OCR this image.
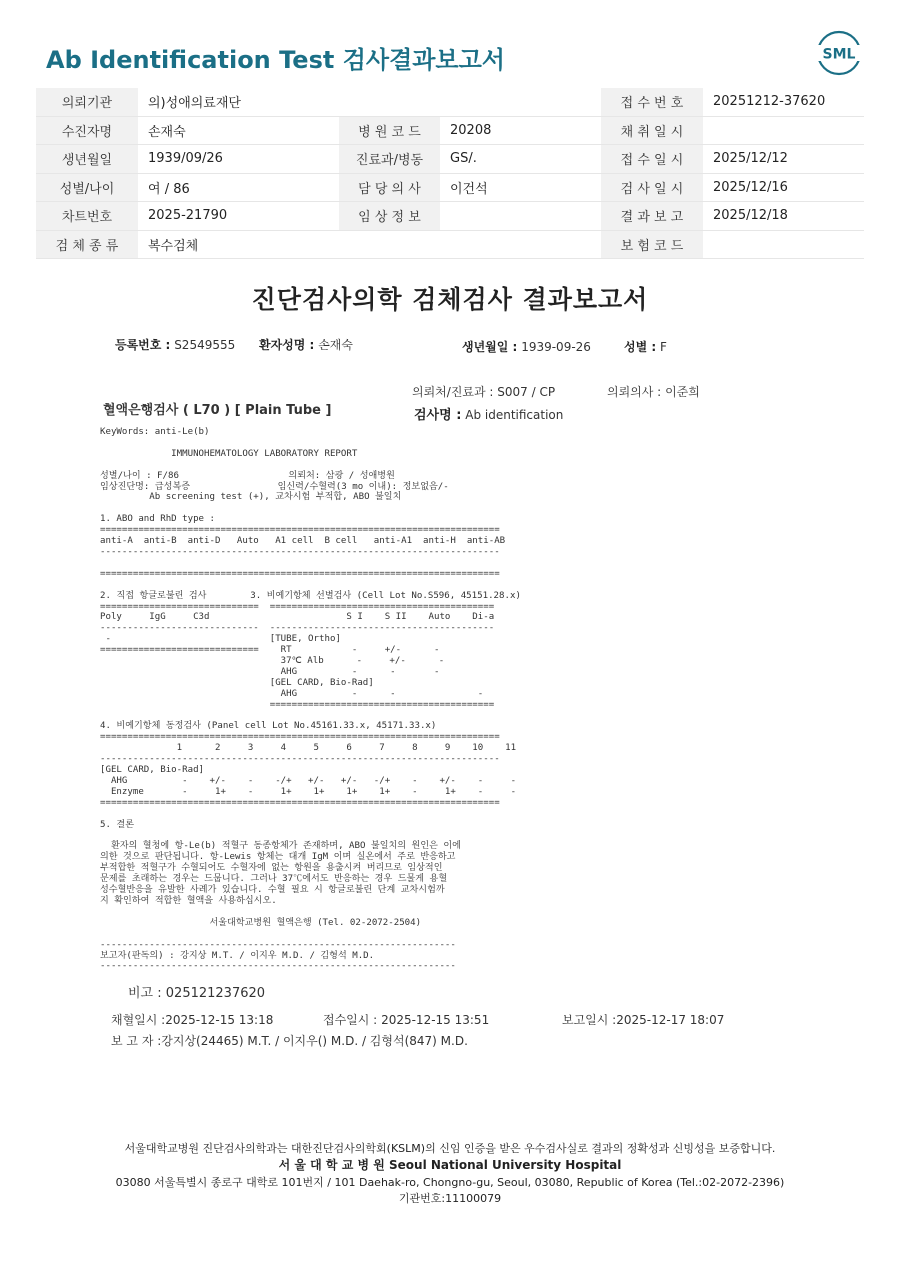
Ab Identification Test 검사결과보고서	SML
의뢰기관	의)성애의료재단			접 수 번 호	20251212-37620
수진자명	손재숙	병 원 코 드	20208	채 취 일 시	
생년월일	1939/09/26	진료과/병동	GS/.	접 수 일 시	2025/12/12
성별/나이	여 / 86	담 당 의 사	이건석	검 사 일 시	2025/12/16
차트번호	2025-21790	임 상 정 보		결 과 보 고	2025/12/18
검 체 종 류	복수검체			보 험 코 드	
진단검사의학 검체검사 결과보고서
등록번호 : S2549555 환자성명 : 손재숙	생년월일 : 1939-09-26	성별 : F
의뢰처/진료과 : S007 / CP	의뢰의사 : 이준희
혈액은행검사 ( L70 ) [ Plain Tube ]	검사명 : Ab identification
KeyWords: anti-Le(b)

IMMUNOHEMATOLOGY LABORATORY REPORT

성별/나이 : F/86                    의뢰처: 삼광 / 성애병원
임상진단명: 급성복증                임신력/수혈력(3 mo 이내): 정보없음/-
Ab screening test (+), 교차시험 부적합, ABO 불일치

1. ABO and RhD type :
=========================================================================
anti-A  anti-B  anti-D   Auto   A1 cell  B cell   anti-A1  anti-H  anti-AB
-------------------------------------------------------------------------

=========================================================================

2. 직접 항글로불린 검사        3. 비예기항체 선별검사 (Cell Lot No.S596, 45151.28.x)
=============================  =========================================
Poly     IgG     C3d                         S I    S II    Auto    Di-a
-----------------------------  -----------------------------------------
-                             [TUBE, Ortho]
=============================    RT           -     +/-      -
37℃ Alb      -     +/-      -
AHG          -      -       -
[GEL CARD, Bio-Rad]
AHG          -      -               -
=========================================

4. 비예기항체 동정검사 (Panel cell Lot No.45161.33.x, 45171.33.x)
=========================================================================
1      2     3     4     5     6     7     8     9    10    11
-------------------------------------------------------------------------
[GEL CARD, Bio-Rad]
AHG          -    +/-    -    -/+   +/-   +/-   -/+    -    +/-    -     -
Enzyme       -     1+    -     1+    1+    1+    1+    -     1+    -     -
=========================================================================

5. 결론

환자의 혈청에 항-Le(b) 적혈구 동종항체가 존재하며, ABO 불일치의 원인은 이에
의한 것으로 판단됩니다. 항-Lewis 항체는 대개 IgM 이며 실온에서 주로 반응하고
부적합한 적혈구가 수혈되어도 수혈자에 없는 항원을 용출시켜 버리므로 임상적인
문제를 초래하는 경우는 드뭅니다. 그러나 37℃에서도 반응하는 경우 드물게 용혈
성수혈반응을 유발한 사례가 있습니다. 수혈 필요 시 항글로불린 단계 교차시험까
지 확인하여 적합한 혈액을 사용하십시오.

서울대학교병원 혈액은행 (Tel. 02-2072-2504)

-----------------------------------------------------------------
보고자(판독의) : 강지상 M.T. / 이지우 M.D. / 김형석 M.D.
-----------------------------------------------------------------
비고 : 025121237620
채혈일시 :2025-12-15 13:18	접수일시 : 2025-12-15 13:51	보고일시 :2025-12-17 18:07
보 고 자 :강지상(24465) M.T. / 이지우() M.D. / 김형석(847) M.D.
서울대학교병원 진단검사의학과는 대한진단검사의학회(KSLM)의 신임 인증을 받은 우수검사실로 결과의 정확성과 신빙성을 보증합니다.
서 울 대 학 교 병 원 Seoul National University Hospital
03080 서울특별시 종로구 대학로 101번지 / 101 Daehak-ro, Chongno-gu, Seoul, 03080, Republic of Korea (Tel.:02-2072-2396)
기관번호:11100079
